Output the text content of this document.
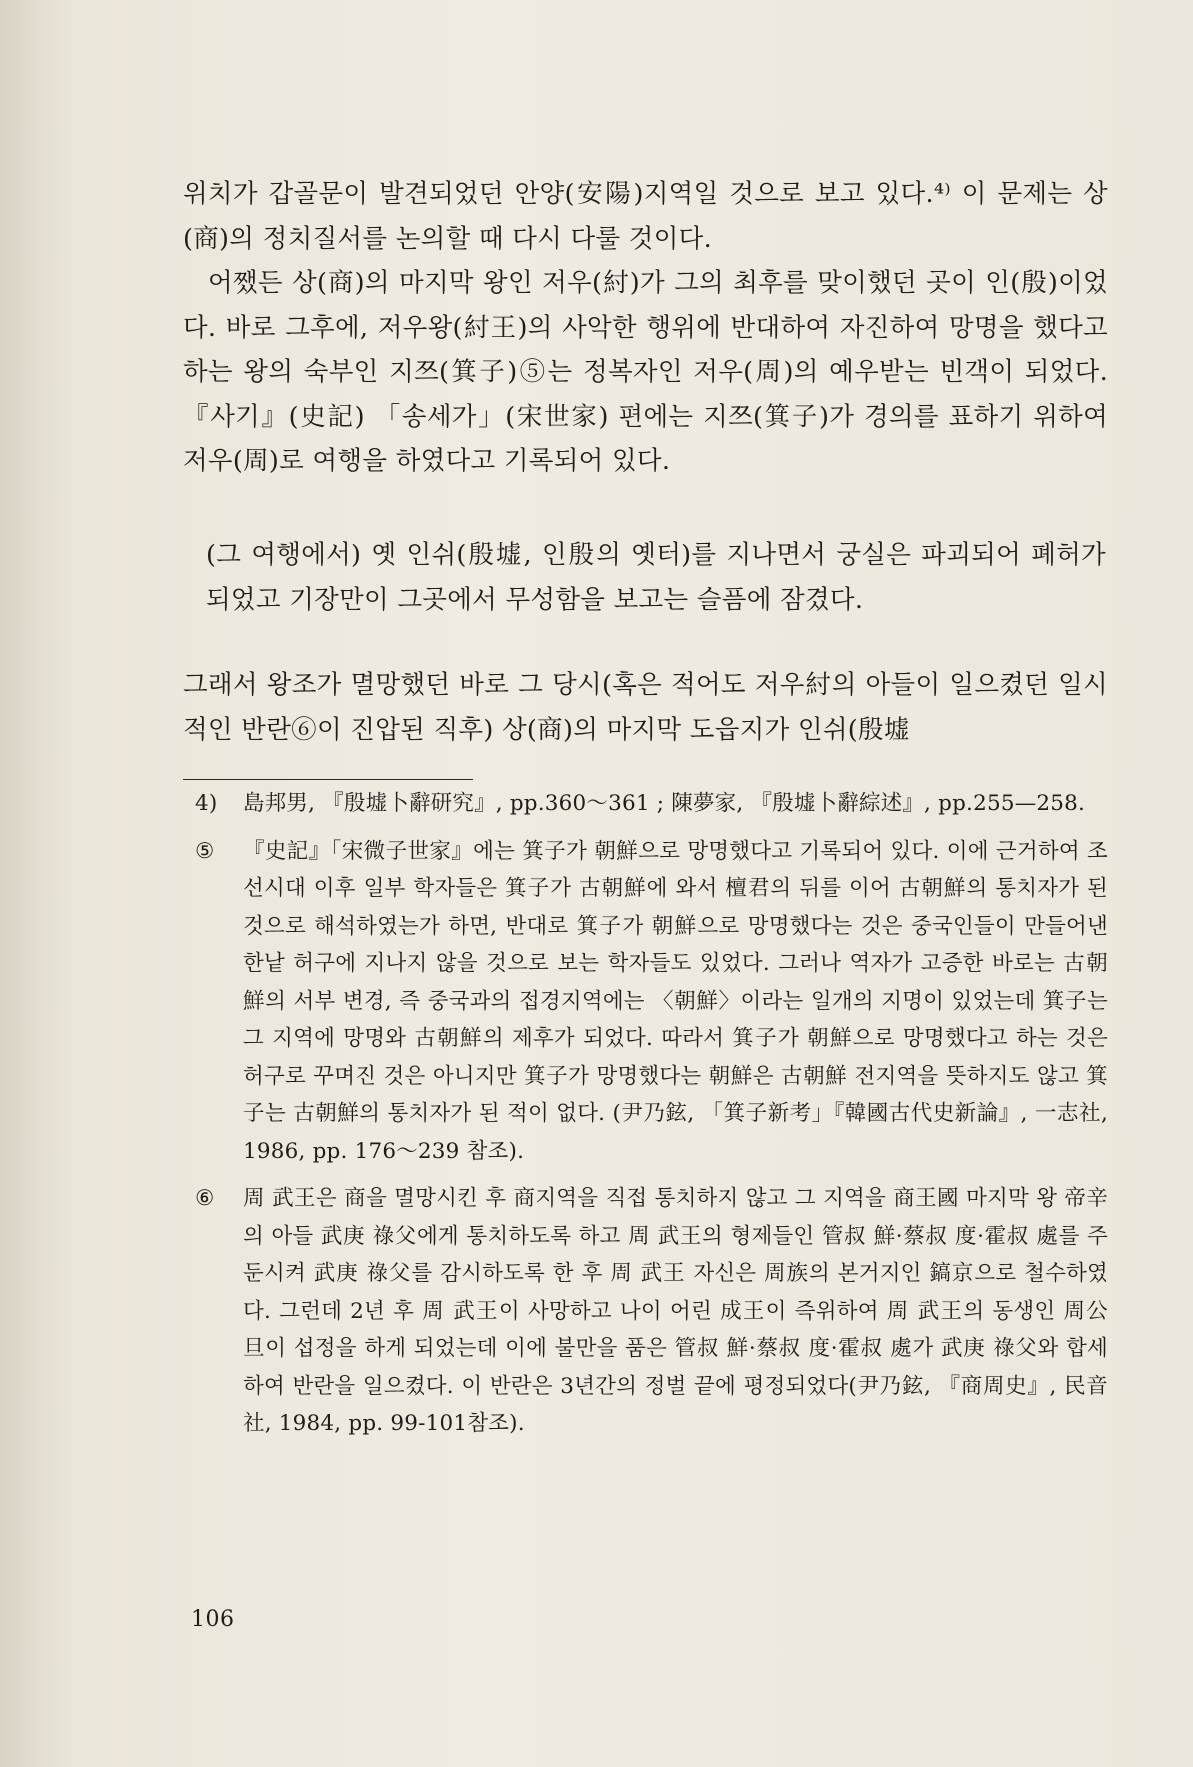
위치가 갑골문이 발견되었던 안양(安陽)지역일 것으로 보고 있다.⁴⁾ 이 문제는 상(商)의 정치질서를 논의할 때 다시 다룰 것이다.

어쨌든 상(商)의 마지막 왕인 저우(紂)가 그의 최후를 맞이했던 곳이 인(殷)이었다. 바로 그후에, 저우왕(紂王)의 사악한 행위에 반대하여 자진하여 망명을 했다고 하는 왕의 숙부인 지쯔(箕子)⑤는 정복자인 저우(周)의 예우받는 빈객이 되었다. 『사기』(史記) 「송세가」(宋世家) 편에는 지쯔(箕子)가 경의를 표하기 위하여 저우(周)로 여행을 하였다고 기록되어 있다.

(그 여행에서) 옛 인쉬(殷墟, 인殷의 옛터)를 지나면서 궁실은 파괴되어 폐허가 되었고 기장만이 그곳에서 무성함을 보고는 슬픔에 잠겼다.
그래서 왕조가 멸망했던 바로 그 당시(혹은 적어도 저우紂의 아들이 일으켰던 일시적인 반란⑥이 진압된 직후) 상(商)의 마지막 도읍지가 인쉬(殷墟
4)	島邦男, 『殷墟卜辭研究』, pp.360～361 ; 陳夢家, 『殷墟卜辭綜述』, pp.255—258.
⑤	『史記』「宋微子世家』에는 箕子가 朝鮮으로 망명했다고 기록되어 있다. 이에 근거하여 조선시대 이후 일부 학자들은 箕子가 古朝鮮에 와서 檀君의 뒤를 이어 古朝鮮의 통치자가 된 것으로 해석하였는가 하면, 반대로 箕子가 朝鮮으로 망명했다는 것은 중국인들이 만들어낸 한낱 허구에 지나지 않을 것으로 보는 학자들도 있었다. 그러나 역자가 고증한 바로는 古朝鮮의 서부 변경, 즉 중국과의 접경지역에는 〈朝鮮〉이라는 일개의 지명이 있었는데 箕子는 그 지역에 망명와 古朝鮮의 제후가 되었다. 따라서 箕子가 朝鮮으로 망명했다고 하는 것은 허구로 꾸며진 것은 아니지만 箕子가 망명했다는 朝鮮은 古朝鮮 전지역을 뜻하지도 않고 箕子는 古朝鮮의 통치자가 된 적이 없다. (尹乃鉉, 「箕子新考」『韓國古代史新論』, 一志社, 1986, pp. 176～239 참조).
⑥	周 武王은 商을 멸망시킨 후 商지역을 직접 통치하지 않고 그 지역을 商王國 마지막 왕 帝辛의 아들 武庚 祿父에게 통치하도록 하고 周 武王의 형제들인 管叔 鮮·蔡叔 度·霍叔 處를 주둔시켜 武庚 祿父를 감시하도록 한 후 周 武王 자신은 周族의 본거지인 鎬京으로 철수하였다. 그런데 2년 후 周 武王이 사망하고 나이 어린 成王이 즉위하여 周 武王의 동생인 周公 旦이 섭정을 하게 되었는데 이에 불만을 품은 管叔 鮮·蔡叔 度·霍叔 處가 武庚 祿父와 합세하여 반란을 일으켰다. 이 반란은 3년간의 정벌 끝에 평정되었다(尹乃鉉, 『商周史』, 民音社, 1984, pp. 99-101참조).
106
